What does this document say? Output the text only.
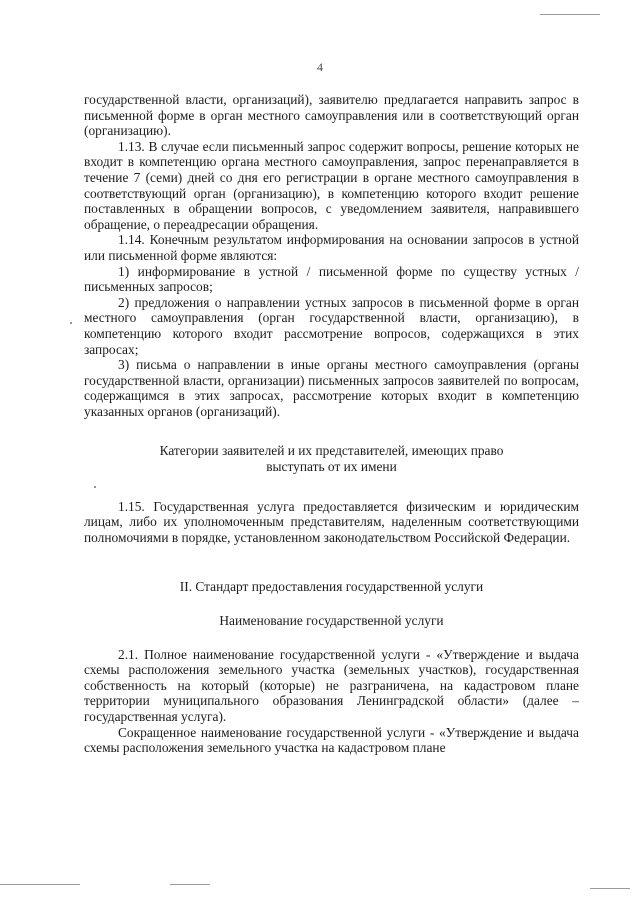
4

государственной власти, организаций), заявителю предлагается направить запрос в письменной форме в орган местного самоуправления или в соответствующий орган (организацию).

1.13. В случае если письменный запрос содержит вопросы, решение которых не входит в компетенцию органа местного самоуправления, запрос перенаправляется в течение 7 (семи) дней со дня его регистрации в органе местного самоуправления в соответствующий орган (организацию), в компетенцию которого входит решение поставленных в обращении вопросов, с уведомлением заявителя, направившего обращение, о переадресации обращения.

1.14. Конечным результатом информирования на основании запросов в устной или письменной форме являются:

1) информирование в устной / письменной форме по существу устных / письменных запросов;

2) предложения о направлении устных запросов в письменной форме в орган местного самоуправления (орган государственной власти, организацию), в компетенцию которого входит рассмотрение вопросов, содержащихся в этих запросах;

3) письма о направлении в иные органы местного самоуправления (органы государственной власти, организации) письменных запросов заявителей по вопросам, содержащимся в этих запросах, рассмотрение которых входит в компетенцию указанных органов (организаций).

Категории заявителей и их представителей, имеющих право

выступать от их имени

1.15. Государственная услуга предоставляется физическим и юридическим лицам, либо их уполномоченным представителям, наделенным соответствующими полномочиями в порядке, установленном законодательством Российской Федерации.

II. Стандарт предоставления государственной услуги

Наименование государственной услуги

2.1. Полное наименование государственной услуги - «Утверждение и выдача схемы расположения земельного участка (земельных участков), государственная собственность на который (которые) не разграничена, на кадастровом плане территории муниципального образования Ленинградской области» (далее – государственная услуга).

Сокращенное наименование государственной услуги - «Утверждение и выдача схемы расположения земельного участка на кадастровом плане
